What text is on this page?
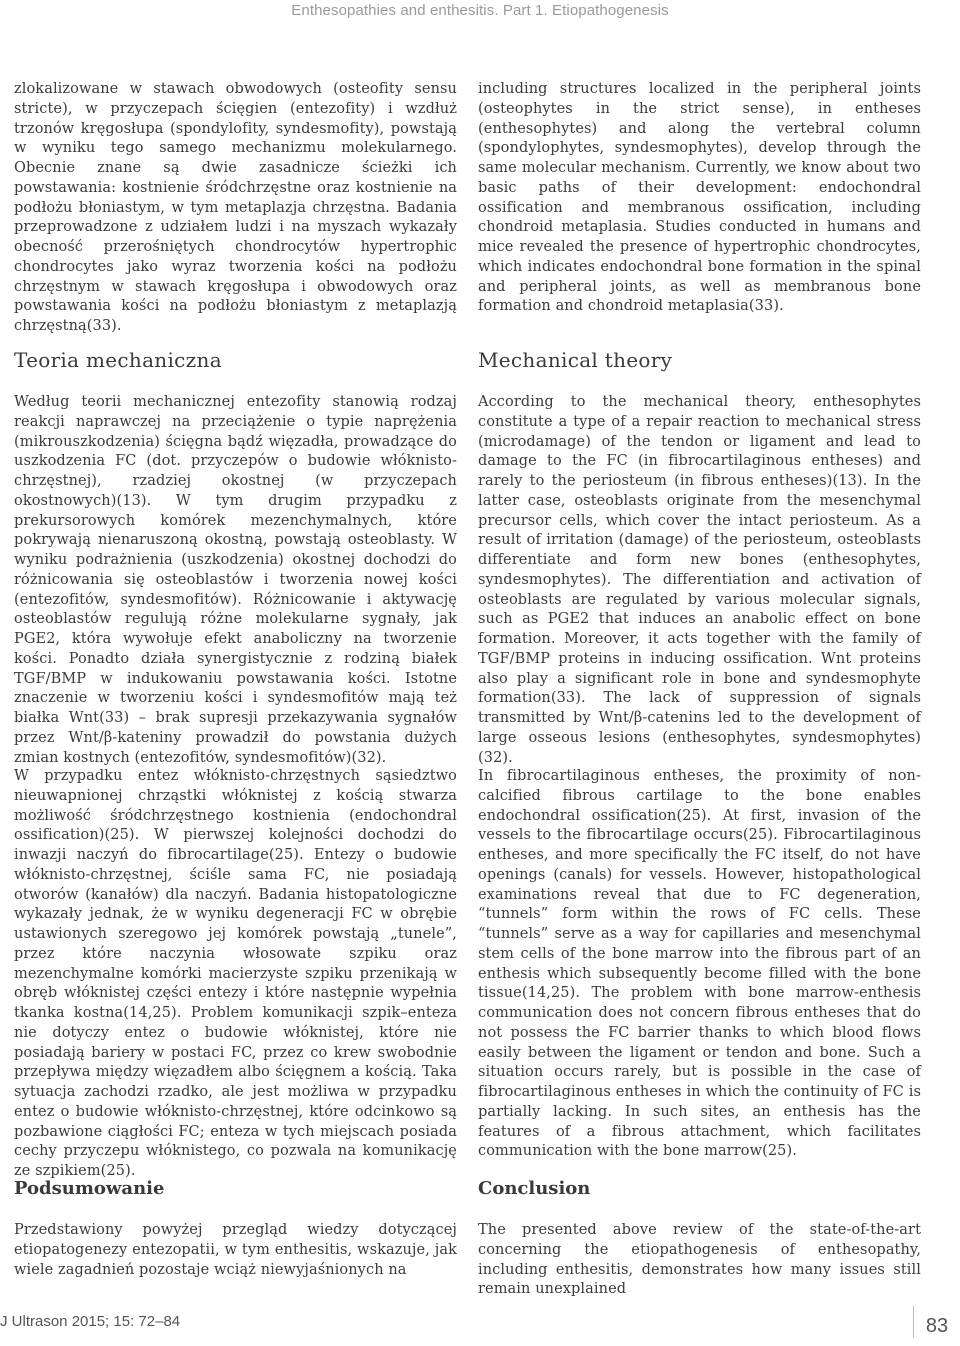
Enthesopathies and enthesitis. Part 1. Etiopathogenesis

zlokalizowane w stawach obwodowych (osteofity sensu stricte), w przyczepach ścięgien (entezofity) i wzdłuż trzonów kręgosłupa (spondylofity, syndesmofity), powstają w wyniku tego samego mechanizmu molekularnego. Obecnie znane są dwie zasadnicze ścieżki ich powstawania: kostnienie śródchrzęstne oraz kostnienie na podłożu błoniastym, w tym metaplazja chrzęstna. Badania przeprowadzone z udziałem ludzi i na myszach wykazały obecność przerośniętych chondrocytów hypertrophic chondrocytes jako wyraz tworzenia kości na podłożu chrzęstnym w stawach kręgosłupa i obwodowych oraz powstawania kości na podłożu błoniastym z metaplazją chrzęstną(33).

Teoria mechaniczna

Według teorii mechanicznej entezofity stanowią rodzaj reakcji naprawczej na przeciążenie o typie naprężenia (mikrouszkodzenia) ścięgna bądź więzadła, prowadzące do uszkodzenia FC (dot. przyczepów o budowie włóknisto-chrzęstnej), rzadziej okostnej (w przyczepach okostnowych)(13). W tym drugim przypadku z prekursorowych komórek mezenchymalnych, które pokrywają nienaruszoną okostną, powstają osteoblasty. W wyniku podrażnienia (uszkodzenia) okostnej dochodzi do różnicowania się osteoblastów i tworzenia nowej kości (entezofitów, syndesmofitów). Różnicowanie i aktywację osteoblastów regulują różne molekularne sygnały, jak PGE2, która wywołuje efekt anaboliczny na tworzenie kości. Ponadto działa synergistycznie z rodziną białek TGF/BMP w indukowaniu powstawania kości. Istotne znaczenie w tworzeniu kości i syndesmofitów mają też białka Wnt(33) – brak supresji przekazywania sygnałów przez Wnt/β-kateniny prowadził do powstania dużych zmian kostnych (entezofitów, syndesmofitów)(32).

W przypadku entez włóknisto-chrzęstnych sąsiedztwo nieuwapnionej chrząstki włóknistej z kością stwarza możliwość śródchrzęstnego kostnienia (endochondral ossification)(25). W pierwszej kolejności dochodzi do inwazji naczyń do fibrocartilage(25). Entezy o budowie włóknisto-chrzęstnej, ściśle sama FC, nie posiadają otworów (kanałów) dla naczyń. Badania histopatologiczne wykazały jednak, że w wyniku degeneracji FC w obrębie ustawionych szeregowo jej komórek powstają „tunele”, przez które naczynia włosowate szpiku oraz mezenchymalne komórki macierzyste szpiku przenikają w obręb włóknistej części entezy i które następnie wypełnia tkanka kostna(14,25). Problem komunikacji szpik–enteza nie dotyczy entez o budowie włóknistej, które nie posiadają bariery w postaci FC, przez co krew swobodnie przepływa między więzadłem albo ścięgnem a kością. Taka sytuacja zachodzi rzadko, ale jest możliwa w przypadku entez o budowie włóknisto-chrzęstnej, które odcinkowo są pozbawione ciągłości FC; enteza w tych miejscach posiada cechy przyczepu włóknistego, co pozwala na komunikację ze szpikiem(25).

Podsumowanie

Przedstawiony powyżej przegląd wiedzy dotyczącej etiopatogenezy entezopatii, w tym enthesitis, wskazuje, jak wiele zagadnień pozostaje wciąż niewyjaśnionych na

including structures localized in the peripheral joints (osteophytes in the strict sense), in entheses (enthesophytes) and along the vertebral column (spondylophytes, syndesmophytes), develop through the same molecular mechanism. Currently, we know about two basic paths of their development: endochondral ossification and membranous ossification, including chondroid metaplasia. Studies conducted in humans and mice revealed the presence of hypertrophic chondrocytes, which indicates endochondral bone formation in the spinal and peripheral joints, as well as membranous bone formation and chondroid metaplasia(33).

Mechanical theory

According to the mechanical theory, enthesophytes constitute a type of a repair reaction to mechanical stress (microdamage) of the tendon or ligament and lead to damage to the FC (in fibrocartilaginous entheses) and rarely to the periosteum (in fibrous entheses)(13). In the latter case, osteoblasts originate from the mesenchymal precursor cells, which cover the intact periosteum. As a result of irritation (damage) of the periosteum, osteoblasts differentiate and form new bones (enthesophytes, syndesmophytes). The differentiation and activation of osteoblasts are regulated by various molecular signals, such as PGE2 that induces an anabolic effect on bone formation. Moreover, it acts together with the family of TGF/BMP proteins in inducing ossification. Wnt proteins also play a significant role in bone and syndesmophyte formation(33). The lack of suppression of signals transmitted by Wnt/β-catenins led to the development of large osseous lesions (enthesophytes, syndesmophytes)(32).

In fibrocartilaginous entheses, the proximity of non-calcified fibrous cartilage to the bone enables endochondral ossification(25). At first, invasion of the vessels to the fibrocartilage occurs(25). Fibrocartilaginous entheses, and more specifically the FC itself, do not have openings (canals) for vessels. However, histopathological examinations reveal that due to FC degeneration, “tunnels” form within the rows of FC cells. These “tunnels” serve as a way for capillaries and mesenchymal stem cells of the bone marrow into the fibrous part of an enthesis which subsequently become filled with the bone tissue(14,25). The problem with bone marrow-enthesis communication does not concern fibrous entheses that do not possess the FC barrier thanks to which blood flows easily between the ligament or tendon and bone. Such a situation occurs rarely, but is possible in the case of fibrocartilaginous entheses in which the continuity of FC is partially lacking. In such sites, an enthesis has the features of a fibrous attachment, which facilitates communication with the bone marrow(25).

Conclusion

The presented above review of the state-of-the-art concerning the etiopathogenesis of enthesopathy, including enthesitis, demonstrates how many issues still remain unexplained

J Ultrason 2015; 15: 72–84	83
